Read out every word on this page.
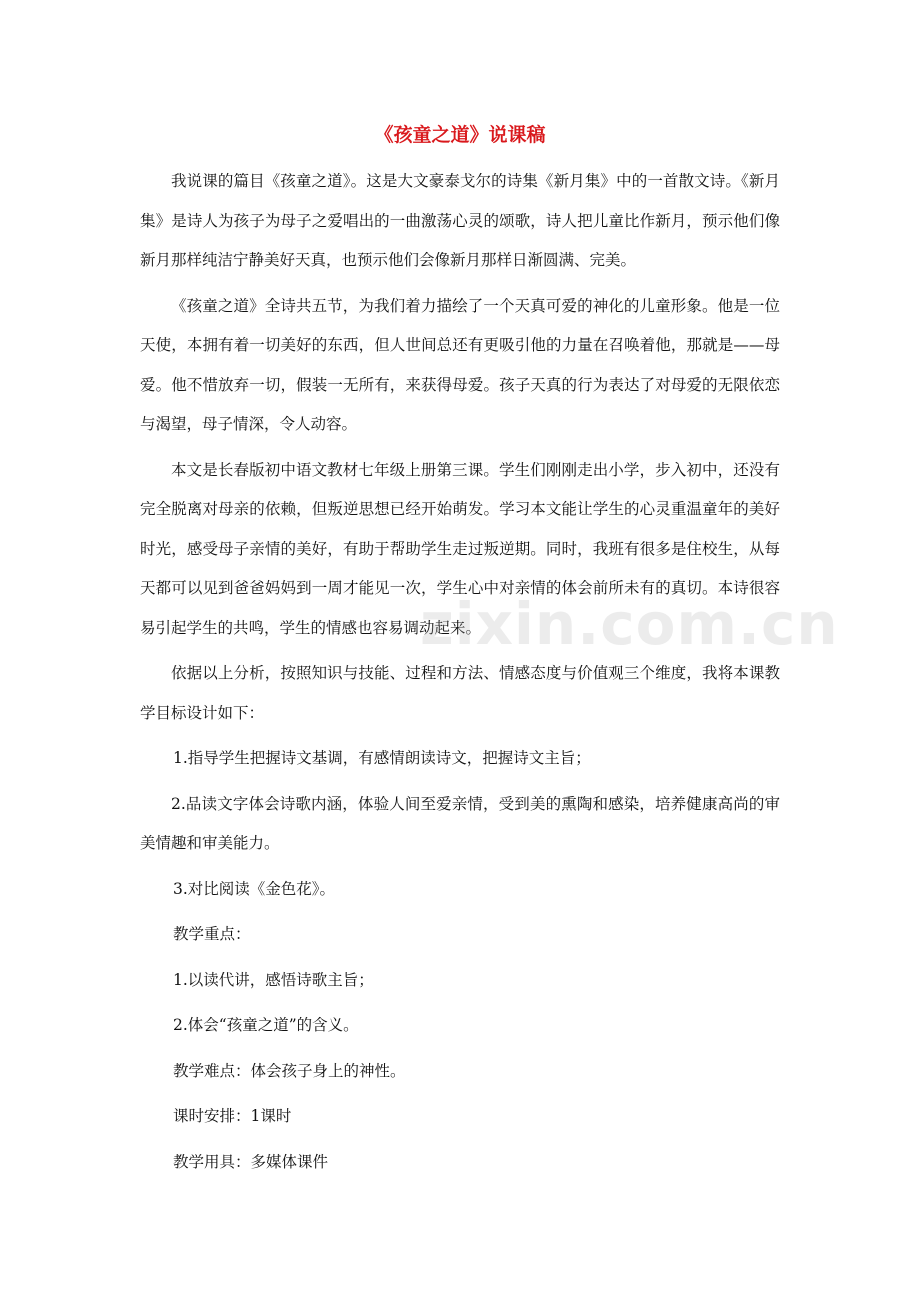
《孩童之道》说课稿

我说课的篇目《孩童之道》。这是大文豪泰戈尔的诗集《新月集》中的一首散文诗。《新月集》是诗人为孩子为母子之爱唱出的一曲激荡心灵的颂歌，诗人把儿童比作新月，预示他们像新月那样纯洁宁静美好天真，也预示他们会像新月那样日渐圆满、完美。

《孩童之道》全诗共五节，为我们着力描绘了一个天真可爱的神化的儿童形象。他是一位天使，本拥有着一切美好的东西，但人世间总还有更吸引他的力量在召唤着他，那就是——母爱。他不惜放弃一切，假装一无所有，来获得母爱。孩子天真的行为表达了对母爱的无限依恋与渴望，母子情深，令人动容。

本文是长春版初中语文教材七年级上册第三课。学生们刚刚走出小学，步入初中，还没有完全脱离对母亲的依赖，但叛逆思想已经开始萌发。学习本文能让学生的心灵重温童年的美好时光，感受母子亲情的美好，有助于帮助学生走过叛逆期。同时，我班有很多是住校生，从每天都可以见到爸爸妈妈到一周才能见一次，学生心中对亲情的体会前所未有的真切。本诗很容易引起学生的共鸣，学生的情感也容易调动起来。

依据以上分析，按照知识与技能、过程和方法、情感态度与价值观三个维度，我将本课教学目标设计如下：

1.指导学生把握诗文基调，有感情朗读诗文，把握诗文主旨；

2.品读文字体会诗歌内涵，体验人间至爱亲情，受到美的熏陶和感染，培养健康高尚的审美情趣和审美能力。

3.对比阅读《金色花》。

教学重点：

1.以读代讲，感悟诗歌主旨；

2.体会“孩童之道”的含义。

教学难点：体会孩子身上的神性。

课时安排：1课时

教学用具：多媒体课件

zixin.com.cn
